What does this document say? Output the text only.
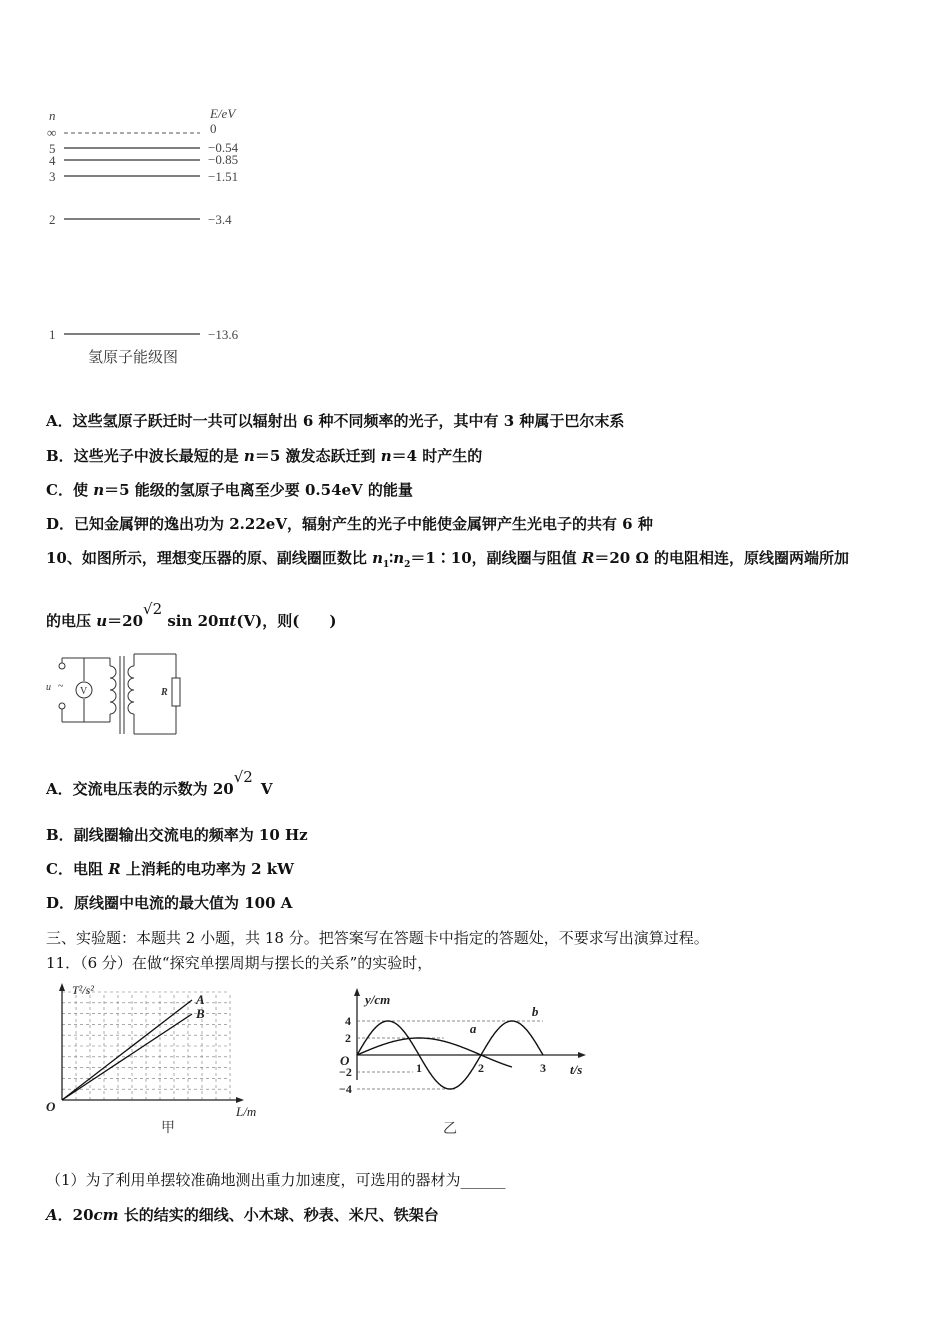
n	E/eV
∞
5
4
3
2
1
0
−0.54
−0.85
−1.51
−3.4
−13.6
氢原子能级图
A．这些氢原子跃迁时一共可以辐射出 6 种不同频率的光子，其中有 3 种属于巴尔末系
B．这些光子中波长最短的是 n＝5 激发态跃迁到 n＝4 时产生的
C．使 n＝5 能级的氢原子电离至少要 0.54eV 的能量
D．已知金属钾的逸出功为 2.22eV，辐射产生的光子中能使金属钾产生光电子的共有 6 种
10、如图所示，理想变压器的原、副线圈匝数比 $n_1∶n_2=1∶10$，副线圈与阻值 R＝20 Ω 的电阻相连，原线圈两端所加
的电压 u＝20√2 sin 20πt(V)，则(　　)
u ~ V	R
A．交流电压表的示数为 20√2V
B．副线圈输出交流电的频率为 10 Hz
C．电阻 R 上消耗的电功率为 2 kW
D．原线圈中电流的最大值为 100 A
三、实验题：本题共 2 小题，共 18 分。把答案写在答题卡中指定的答题处，不要求写出演算过程。
11．（6 分）在做“探究单摆周期与摆长的关系”的实验时，
A
B
T²/s²
L/m
O
甲
a
b
y/cm
t/s
O	1	2	3
4
2
−2
−4
乙
（1）为了利用单摆较准确地测出重力加速度，可选用的器材为______
A．20cm 长的结实的细线、小木球、秒表、米尺、铁架台
